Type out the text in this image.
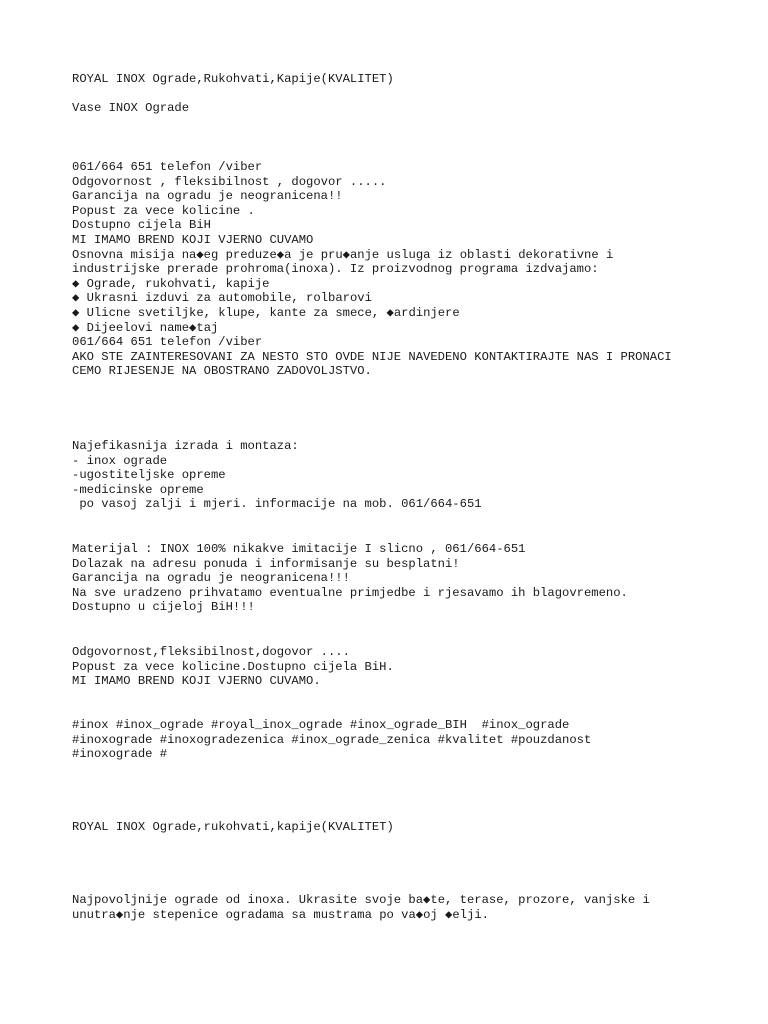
ROYAL INOX Ograde,Rukohvati,Kapije(KVALITET)

Vase INOX Ograde

061/664 651 telefon /viber

Odgovornost , fleksibilnost , dogovor .....

Garancija na ogradu je neogranicena!!

Popust za vece kolicine .

Dostupno cijela BiH

MI IMAMO BREND KOJI VJERNO CUVAMO

Osnovna misija na◆eg preduze◆a je pru◆anje usluga iz oblasti dekorativne i

industrijske prerade prohroma(inoxa). Iz proizvodnog programa izdvajamo:

◆ Ograde, rukohvati, kapije

◆ Ukrasni izduvi za automobile, rolbarovi

◆ Ulicne svetiljke, klupe, kante za smece, ◆ardinjere

◆ Dijeelovi name◆taj

061/664 651 telefon /viber

AKO STE ZAINTERESOVANI ZA NESTO STO OVDE NIJE NAVEDENO KONTAKTIRAJTE NAS I PRONACI

CEMO RIJESENJE NA OBOSTRANO ZADOVOLJSTVO.

Najefikasnija izrada i montaza:

- inox ograde

-ugostiteljske opreme

-medicinske opreme

po vasoj zalji i mjeri. informacije na mob. 061/664-651

Materijal : INOX 100% nikakve imitacije I slicno , 061/664-651

Dolazak na adresu ponuda i informisanje su besplatni!

Garancija na ogradu je neogranicena!!!

Na sve uradzeno prihvatamo eventualne primjedbe i rjesavamo ih blagovremeno.

Dostupno u cijeloj BiH!!!

Odgovornost,fleksibilnost,dogovor ....

Popust za vece kolicine.Dostupno cijela BiH.

MI IMAMO BREND KOJI VJERNO CUVAMO.

#inox #inox_ograde #royal_inox_ograde #inox_ograde_BIH  #inox_ograde

#inoxograde #inoxogradezenica #inox_ograde_zenica #kvalitet #pouzdanost

#inoxograde #

ROYAL INOX Ograde,rukohvati,kapije(KVALITET)

Najpovoljnije ograde od inoxa. Ukrasite svoje ba◆te, terase, prozore, vanjske i

unutra◆nje stepenice ogradama sa mustrama po va◆oj ◆elji.
